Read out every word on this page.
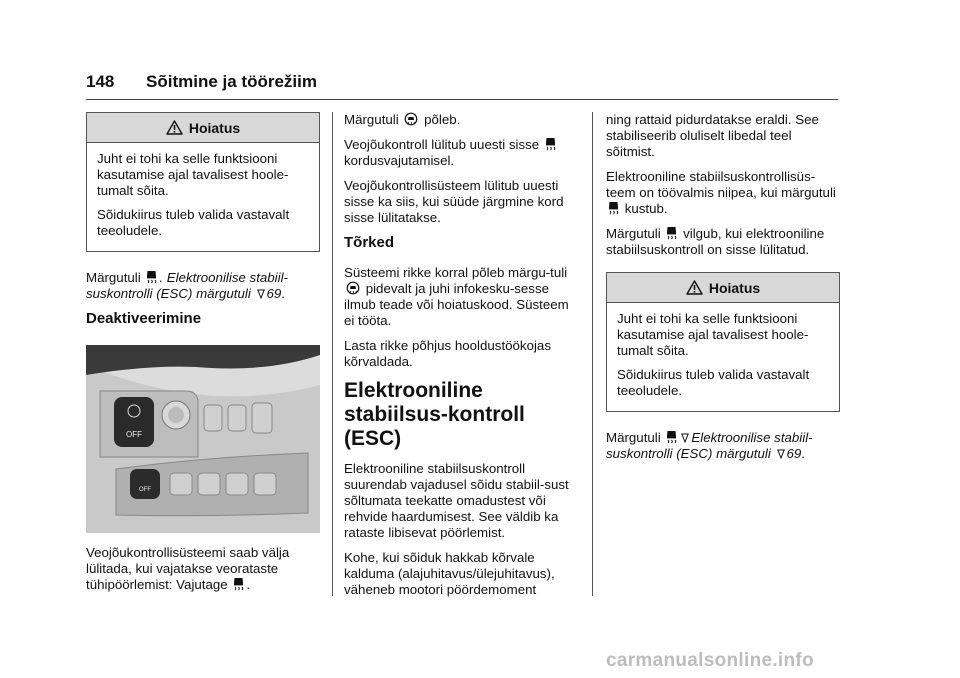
148 Sõitmine ja töörežiim
Hoiatus

Juht ei tohi ka selle funktsiooni kasutamise ajal tavalisest hoole-tumalt sõita.

Sõidukiirus tuleb valida vastavalt teeoludele.

Märgutuli . Elektroonilise stabiil-suskontrolli (ESC) märgutuli 69.

Deaktiveerimine
OFF
OFF

Veojõukontrollisüsteemi saab välja lülitada, kui vajatakse veorataste tühipöörlemist: Vajutage .

Märgutuli põleb.

Veojõukontroll lülitub uuesti sisse  kordusvajutamisel.

Veojõukontrollisüsteem lülitub uuesti sisse ka siis, kui süüde järgmine kord sisse lülitatakse.

Tõrked

Süsteemi rikke korral põleb märgu-tuli  pidevalt ja juhi infokesku-sesse ilmub teade või hoiatuskood. Süsteem ei tööta.

Lasta rikke põhjus hooldustöökojas kõrvaldada.

Elektrooniline stabiilsus-kontroll (ESC)

Elektrooniline stabiilsuskontroll suurendab vajadusel sõidu stabiil-sust sõltumata teekatte omadustest või rehvide haardumisest. See väldib ka rataste libisevat pöörlemist.

Kohe, kui sõiduk hakkab kõrvale kalduma (alajuhitavus/ülejuhitavus), väheneb mootori pöördemoment

ning rattaid pidurdatakse eraldi. See stabiliseerib oluliselt libedal teel sõitmist.

Elektrooniline stabiilsuskontrollisüs-teem on töövalmis niipea, kui märgutuli  kustub.

Märgutuli vilgub, kui elektrooniline stabiilsuskontroll on sisse lülitatud.

Hoiatus

Juht ei tohi ka selle funktsiooni kasutamise ajal tavalisest hoole-tumalt sõita.

Sõidukiirus tuleb valida vastavalt teeoludele.

Märgutuli Elektroonilise stabiil-suskontrolli (ESC) märgutuli 69.

carmanualsonline.info
